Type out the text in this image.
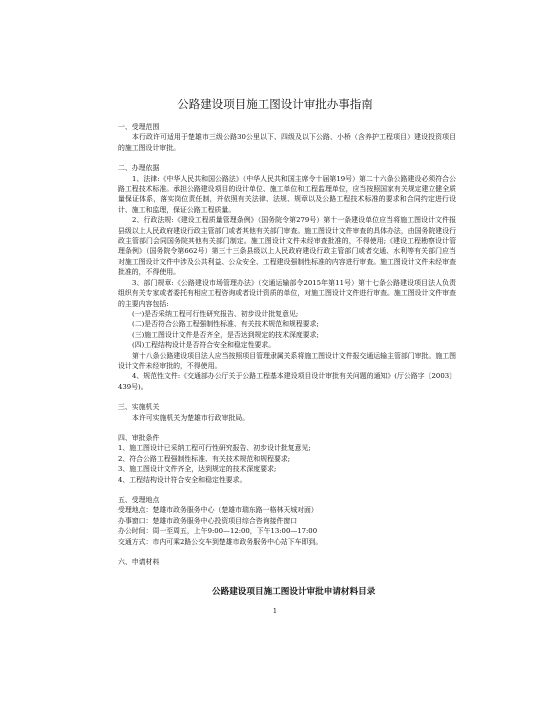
公路建设项目施工图设计审批办事指南
一、受理范围

本行政许可适用于楚雄市三级公路30公里以下、四级及以下公路、小桥（含养护工程项目）建设投资项目的施工图设计审批。

二、办理依据

1、法律:《中华人民共和国公路法》（中华人民共和国主席令十届第19号）第二十六条公路建设必须符合公路工程技术标准。承担公路建设项目的设计单位、施工单位和工程监理单位，应当按照国家有关规定建立健全质量保证体系，落实岗位责任制，并依照有关法律、法规、规章以及公路工程技术标准的要求和合同约定进行设计、施工和监理，保证公路工程质量。

2、行政法规:《建设工程质量管理条例》（国务院令第279号）第十一条建设单位应当将施工图设计文件报县级以上人民政府建设行政主管部门或者其他有关部门审查。施工图设计文件审查的具体办法，由国务院建设行政主管部门会同国务院其他有关部门制定。施工图设计文件未经审查批准的，不得使用;《建设工程勘察设计管理条例》（国务院令第662号）第三十三条县级以上人民政府建设行政主管部门或者交通、水利等有关部门应当对施工图设计文件中涉及公共利益、公众安全、工程建设强制性标准的内容进行审查。施工图设计文件未经审查批准的，不得使用。

3、部门规章:《公路建设市场管理办法》（交通运输部令2015年第11号）第十七条公路建设项目法人负责组织有关专家或者委托有相应工程咨询或者设计资质的单位，对施工图设计文件进行审查。施工图设计文件审查的主要内容包括:

(一)是否采纳工程可行性研究报告、初步设计批复意见;

(二)是否符合公路工程强制性标准、有关技术规范和规程要求;

(三)施工图设计文件是否齐全，是否达到规定的技术深度要求;

(四)工程结构设计是否符合安全和稳定性要求。

第十八条公路建设项目法人应当按照项目管理隶属关系将施工图设计文件报交通运输主管部门审批。施工图设计文件未经审批的，不得使用。

4、规范性文件:《交通部办公厅关于公路工程基本建设项目设计审批有关问题的通知》(厅公路字〔2003〕439号)。

三、实施机关

本许可实施机关为楚雄市行政审批局。

四、审批条件

1、施工图设计已采纳工程可行性研究报告、初步设计批复意见;

2、符合公路工程强制性标准、有关技术规范和规程要求;

3、施工图设计文件齐全，达到规定的技术深度要求;

4、工程结构设计符合安全和稳定性要求。

五、受理地点

受理地点：楚雄市政务服务中心（楚雄市瑞东路一格林天城对面）

办事窗口：楚雄市政务服务中心投资项目综合咨询接件窗口

办公时间：周一至周五，上午9:00—12:00，下午13:00—17:00

交通方式：市内可乘2路公交车到楚雄市政务服务中心站下车即到。

六、申请材料
公路建设项目施工图设计审批申请材料目录
1
